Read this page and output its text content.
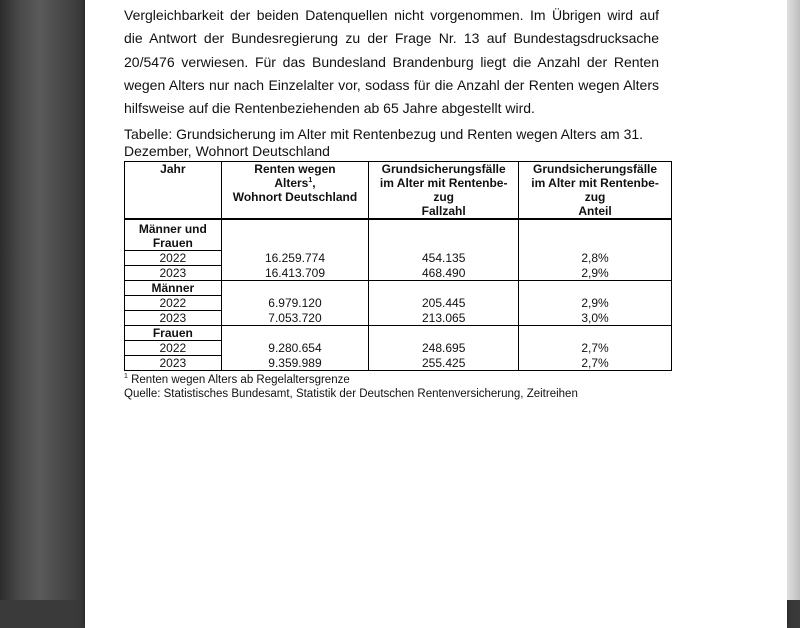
Vergleichbarkeit der beiden Datenquellen nicht vorgenommen. Im Übrigen wird auf
die Antwort der Bundesregierung zu der Frage Nr. 13 auf Bundestagsdrucksache
20/5476 verwiesen. Für das Bundesland Brandenburg liegt die Anzahl der Renten
wegen Alters nur nach Einzelalter vor, sodass für die Anzahl der Renten wegen Alters
hilfsweise auf die Rentenbeziehenden ab 65 Jahre abgestellt wird.

Tabelle: Grundsicherung im Alter mit Rentenbezug und Renten wegen Alters am 31. Dezember, Wohnort Deutschland
Jahr	Renten wegen
Alters$^1$,
Wohnort Deutschland	Grundsicherungsfälle
im Alter mit Rentenbe-
zug
Fallzahl	Grundsicherungsfälle
im Alter mit Rentenbe-
zug
Anteil

Männer und
Frauen			

2022	16.259.774	454.135	2,8%
2023	16.413.709	468.490	2,9%
Männer			
2022	6.979.120	205.445	2,9%
2023	7.053.720	213.065	3,0%
Frauen			
2022	9.280.654	248.695	2,7%
2023	9.359.989	255.425	2,7%
$^1$ Renten wegen Alters ab Regelaltersgrenze
Quelle: Statistisches Bundesamt, Statistik der Deutschen Rentenversicherung, Zeitreihen
